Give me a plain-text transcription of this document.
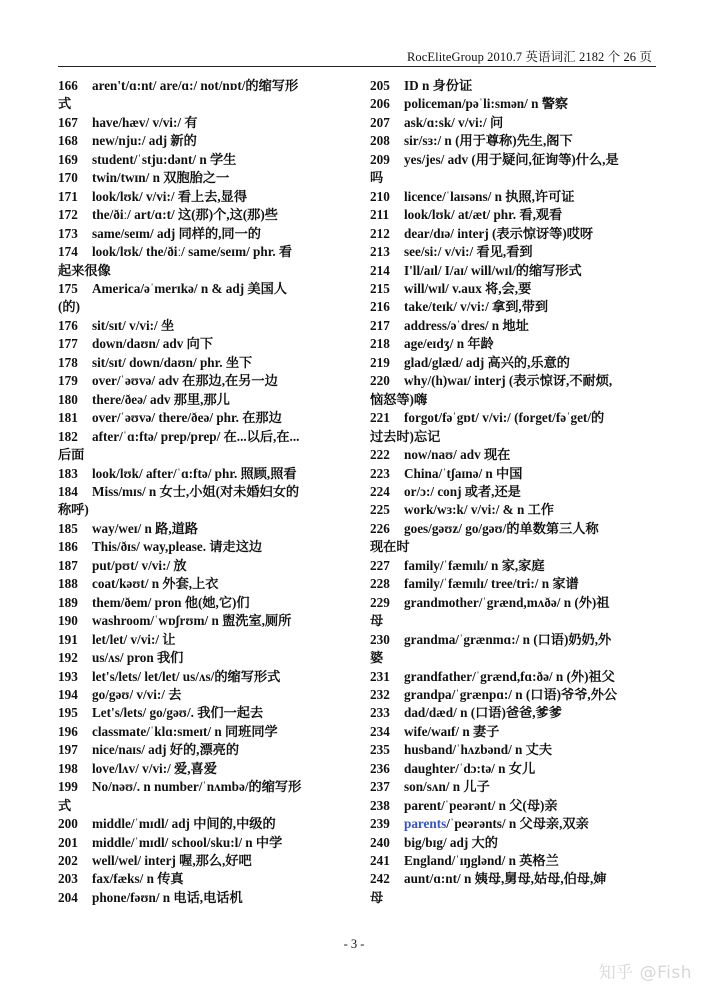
RocEliteGroup 2010.7 英语词汇 2182 个 26 页
166 aren't/ɑ:nt/ are/ɑ:/ not/nɒt/的缩写形
式
167 have/hæv/ v/vi:/ 有
168 new/nju:/ adj 新的
169 student/ˈstju:dənt/ n 学生
170 twin/twɪn/ n 双胞胎之一
171 look/lʊk/ v/vi:/ 看上去,显得
172 the/ðiː/ art/ɑ:t/ 这(那)个,这(那)些
173 same/seɪm/ adj 同样的,同一的
174 look/lʊk/ the/ðiː/ same/seɪm/ phr. 看
起来很像
175 America/əˈmerɪkə/ n & adj 美国人
(的)
176 sit/sɪt/ v/vi:/ 坐
177 down/daʊn/ adv 向下
178 sit/sɪt/ down/daʊn/ phr. 坐下
179 over/ˈəʊvə/ adv 在那边,在另一边
180 there/ðeə/ adv 那里,那儿
181 over/ˈəʊvə/ there/ðeə/ phr. 在那边
182 after/ˈɑ:ftə/ prep/prep/ 在...以后,在...
后面
183 look/lʊk/ after/ˈɑ:ftə/ phr. 照顾,照看
184 Miss/mɪs/ n 女士,小姐(对未婚妇女的
称呼)
185 way/weɪ/ n 路,道路
186 This/ðɪs/ way,please. 请走这边
187 put/pʊt/ v/vi:/ 放
188 coat/kəʊt/ n 外套,上衣
189 them/ðem/ pron 他(她,它)们
190 washroom/ˈwɒʃrʊm/ n 盥洗室,厕所
191 let/let/ v/vi:/ 让
192 us/ʌs/ pron 我们
193 let's/lets/ let/let/ us/ʌs/的缩写形式
194 go/gəʊ/ v/vi:/ 去
195 Let's/lets/ go/gəʊ/. 我们一起去
196 classmate/ˈklɑ:smeɪt/ n 同班同学
197 nice/naɪs/ adj 好的,漂亮的
198 love/lʌv/ v/vi:/ 爱,喜爱
199 No/nəʊ/. n number/ˈnʌmbə/的缩写形
式
200 middle/ˈmɪdl/ adj 中间的,中级的
201 middle/ˈmɪdl/ school/sku:l/ n 中学
202 well/wel/ interj 喔,那么,好吧
203 fax/fæks/ n 传真
204 phone/fəʊn/ n 电话,电话机
205 ID n 身份证
206 policeman/pəˈli:smən/ n 警察
207 ask/ɑ:sk/ v/vi:/ 问
208 sir/sɜ:/ n (用于尊称)先生,阁下
209 yes/jes/ adv (用于疑问,征询等)什么,是
吗
210 licence/ˈlaɪsəns/ n 执照,许可证
211 look/lʊk/ at/æt/ phr. 看,观看
212 dear/dɪə/ interj (表示惊讶等)哎呀
213 see/si:/ v/vi:/ 看见,看到
214 I'll/aɪl/ I/aɪ/ will/wɪl/的缩写形式
215 will/wɪl/ v.aux 将,会,要
216 take/teɪk/ v/vi:/ 拿到,带到
217 address/əˈdres/ n 地址
218 age/eɪdʒ/ n 年龄
219 glad/glæd/ adj 高兴的,乐意的
220 why/(h)waɪ/ interj (表示惊讶,不耐烦,
恼怒等)嗨
221 forgot/fəˈgɒt/ v/vi:/ (forget/fəˈget/的
过去时)忘记
222 now/naʊ/ adv 现在
223 China/ˈtʃaɪnə/ n 中国
224 or/ɔ:/ conj 或者,还是
225 work/wɜ:k/ v/vi:/ & n 工作
226 goes/gəʊz/ go/gəʊ/的单数第三人称
现在时
227 family/ˈfæmɪlɪ/ n 家,家庭
228 family/ˈfæmɪlɪ/ tree/tri:/ n 家谱
229 grandmother/ˈgrænd,mʌðə/ n (外)祖
母
230 grandma/ˈgrænmɑ:/ n (口语)奶奶,外
婆
231 grandfather/ˈgrænd,fɑ:ðə/ n (外)祖父
232 grandpa/ˈgrænpɑ:/ n (口语)爷爷,外公
233 dad/dæd/ n (口语)爸爸,爹爹
234 wife/waɪf/ n 妻子
235 husband/ˈhʌzbənd/ n 丈夫
236 daughter/ˈdɔ:tə/ n 女儿
237 son/sʌn/ n 儿子
238 parent/ˈpeərənt/ n 父(母)亲
239 parents/ˈpeərənts/ n 父母亲,双亲
240 big/bɪg/ adj 大的
241 England/ˈɪŋglənd/ n 英格兰
242 aunt/ɑ:nt/ n 姨母,舅母,姑母,伯母,婶
母
- 3 -
知乎 @Fish
